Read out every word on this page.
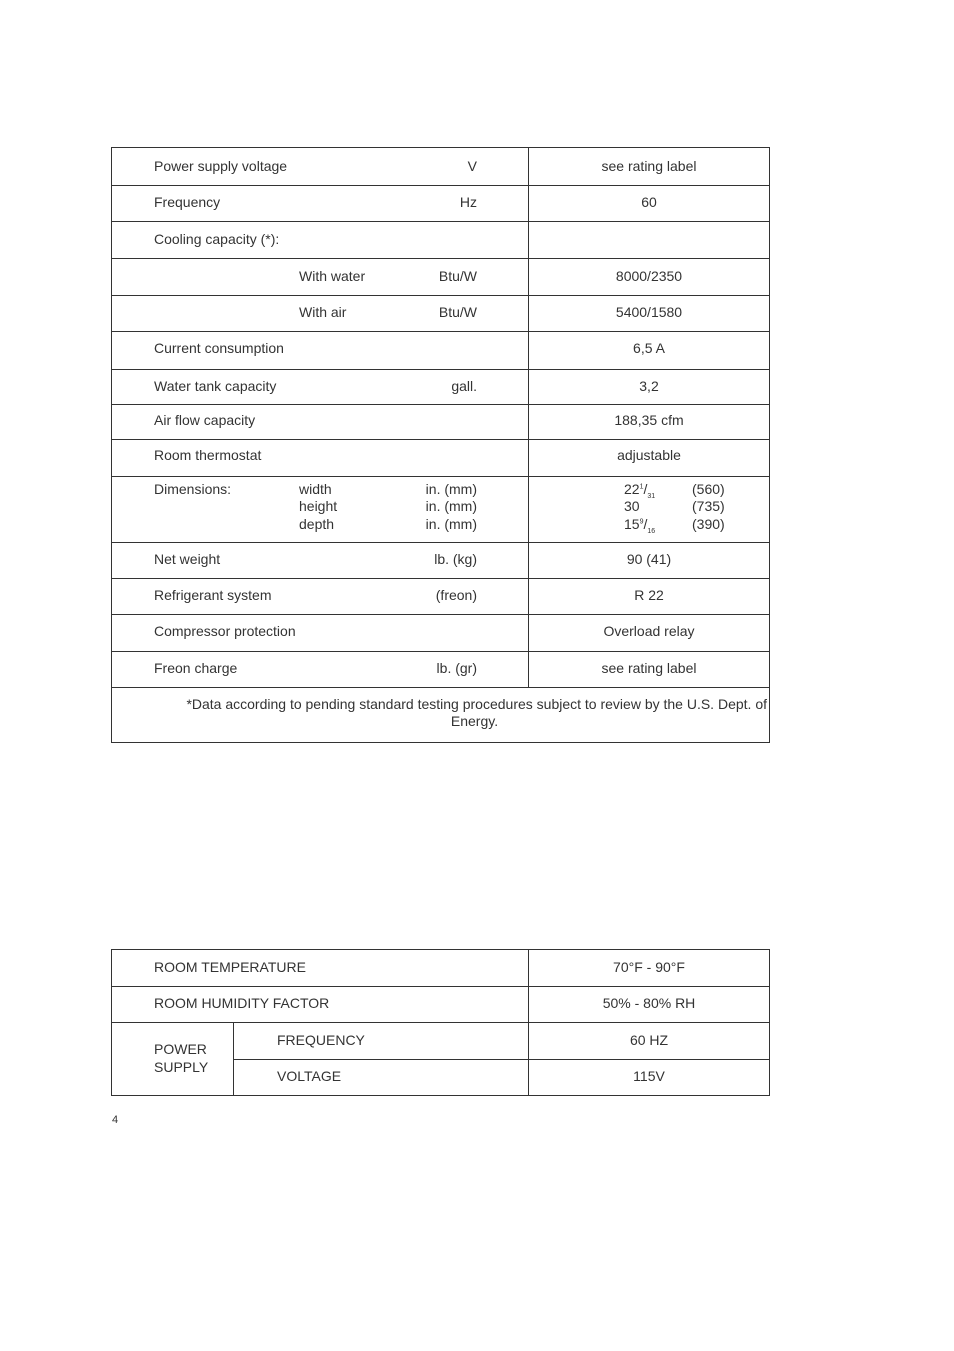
Power supply voltage	V	see rating label
Frequency	Hz	60
Cooling capacity (*):
With water	Btu/W	8000/2350
With air	Btu/W	5400/1580
Current consumption	6,5 A
Water tank capacity	gall.	3,2
Air flow capacity	188,35 cfm
Room thermostat	adjustable
Dimensions:	width	in. (mm)	$22^1/_{31}$	(560)
height	in. (mm)	30	(735)
depth	in. (mm)	$15^9/_{16}$	(390)
Net weight	lb. (kg)	90 (41)
Refrigerant system	(freon)	R 22
Compressor protection	Overload relay
Freon charge	lb. (gr)	see rating label
*Data according to pending standard testing procedures subject to review by the U.S. Dept. of
Energy.
ROOM TEMPERATURE	70°F - 90°F
ROOM HUMIDITY FACTOR	50% - 80% RH
POWER
SUPPLY
FREQUENCY	60 HZ
VOLTAGE	115V
4
